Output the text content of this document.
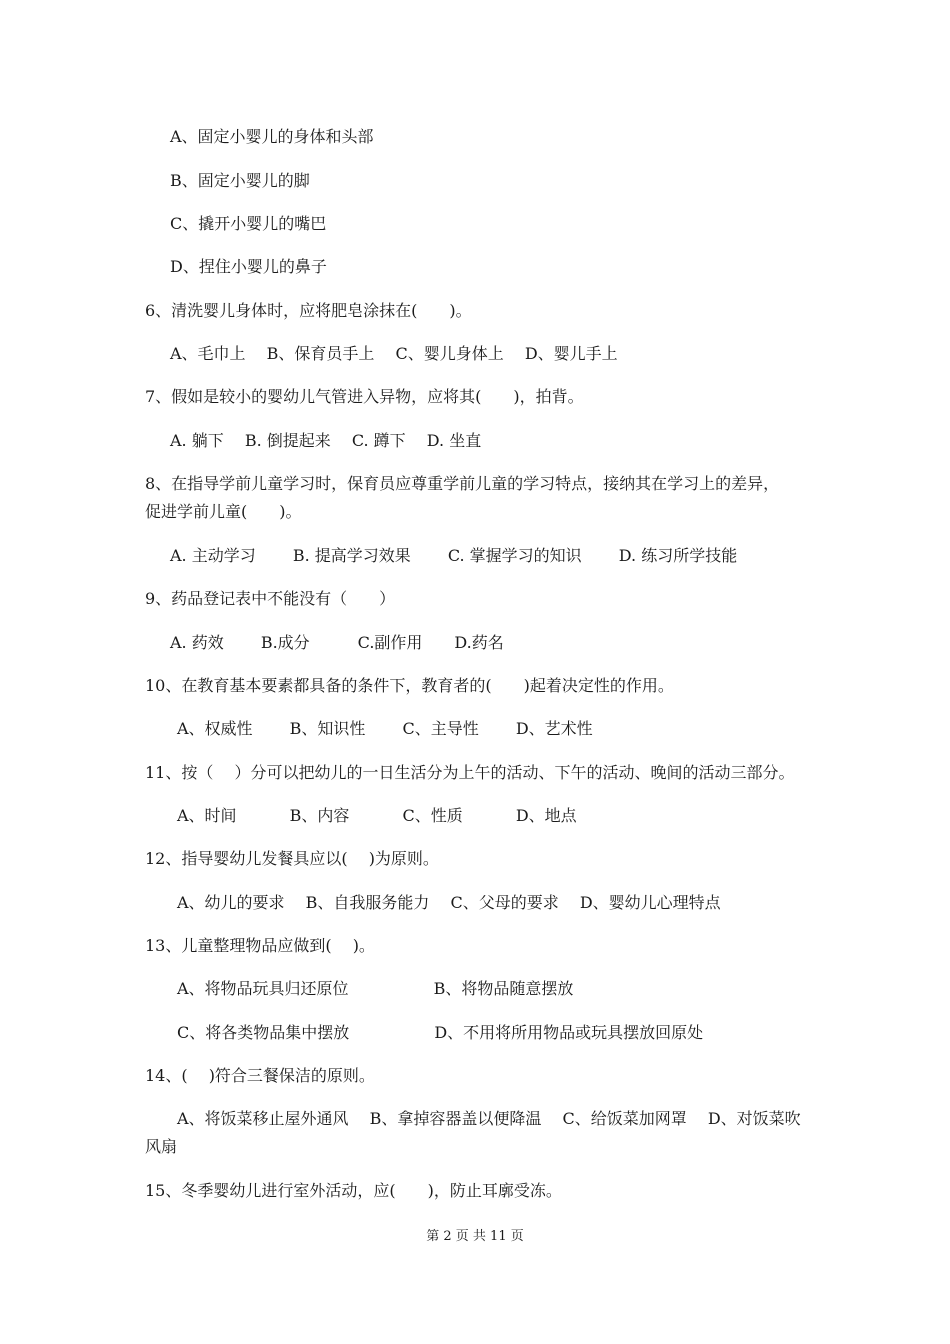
A、固定小婴儿的身体和头部
B、固定小婴儿的脚
C、撬开小婴儿的嘴巴
D、捏住小婴儿的鼻子
6、清洗婴儿身体时，应将肥皂涂抹在(　　)。
A、毛巾上　 B、保育员手上　 C、婴儿身体上　 D、婴儿手上
7、假如是较小的婴幼儿气管进入异物，应将其(　　)，拍背。
A. 躺下　 B. 倒提起来　 C. 蹲下　 D. 坐直
8、在指导学前儿童学习时，保育员应尊重学前儿童的学习特点，接纳其在学习上的差异，
促进学前儿童(　　)。
A. 主动学习　　 B. 提高学习效果　　 C. 掌握学习的知识　　 D. 练习所学技能
9、药品登记表中不能没有（　　）
A. 药效　　 B.成分　　　C.副作用　　D.药名
10、在教育基本要素都具备的条件下，教育者的(　　)起着决定性的作用。
A、权威性　　 B、知识性　　 C、主导性　　 D、艺术性
11、按（　 ）分可以把幼儿的一日生活分为上午的活动、下午的活动、晚间的活动三部分。
A、时间　　　 B、内容　　　 C、性质　　　 D、地点
12、指导婴幼儿发餐具应以(　 )为原则。
A、幼儿的要求　 B、自我服务能力　 C、父母的要求　 D、婴幼儿心理特点
13、儿童整理物品应做到(　 )。
A、将物品玩具归还原位　　　　　 B、将物品随意摆放
C、将各类物品集中摆放　　　　　 D、不用将所用物品或玩具摆放回原处
14、(　 )符合三餐保洁的原则。
A、将饭菜移止屋外通风　 B、拿掉容器盖以便降温　 C、给饭菜加网罩　 D、对饭菜吹
风扇
15、冬季婴幼儿进行室外活动，应(　　)，防止耳廓受冻。
第 2 页 共 11 页
